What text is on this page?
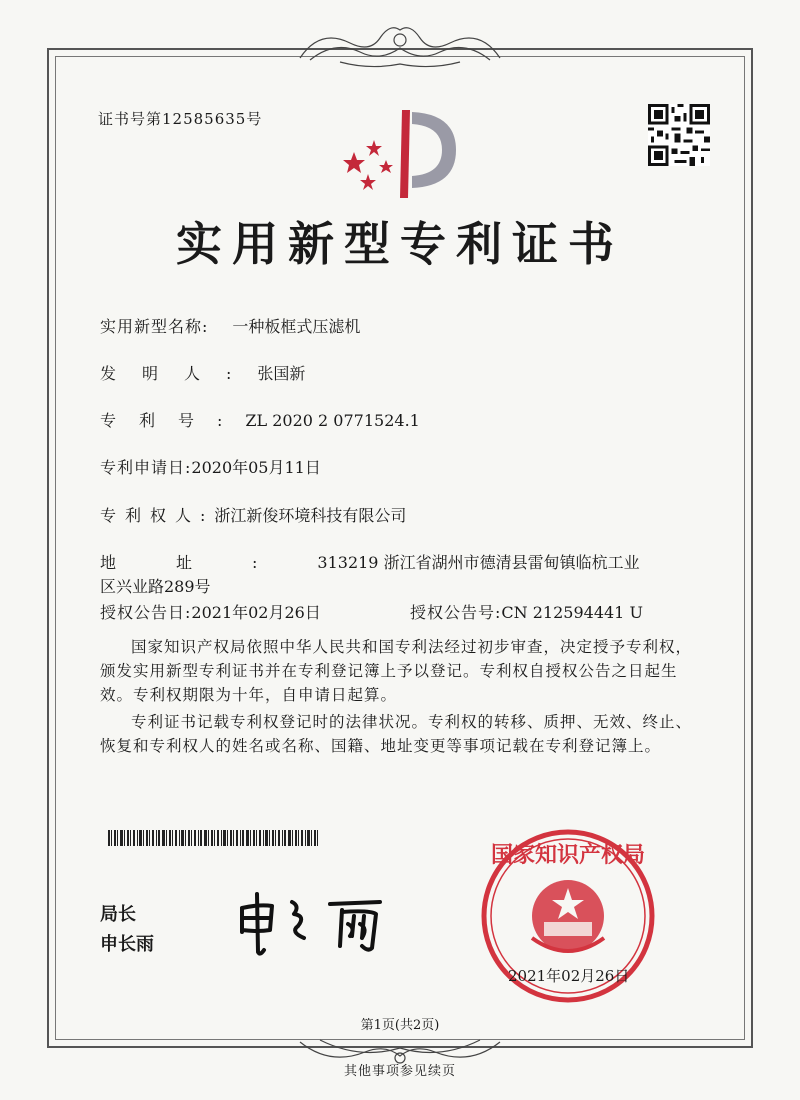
证书号第12585635号
实用新型专利证书
实用新型名称: 一种板框式压滤机
发明人:张国新
专利号:ZL 2020 2 0771524.1
专利申请日:2020年05月11日
专利权人:浙江新俊环境科技有限公司
地址:313219 浙江省湖州市德清县雷甸镇临杭工业区兴业路289号
授权公告日:2021年02月26日	授权公告号:CN 212594441 U
国家知识产权局依照中华人民共和国专利法经过初步审查，决定授予专利权，颁发实用新型专利证书并在专利登记簿上予以登记。专利权自授权公告之日起生效。专利权期限为十年，自申请日起算。
专利证书记载专利权登记时的法律状况。专利权的转移、质押、无效、终止、恢复和专利权人的姓名或名称、国籍、地址变更等事项记载在专利登记簿上。
局长
申长雨
国家知识产权局
2021年02月26日
第1页(共2页)
其他事项参见续页
